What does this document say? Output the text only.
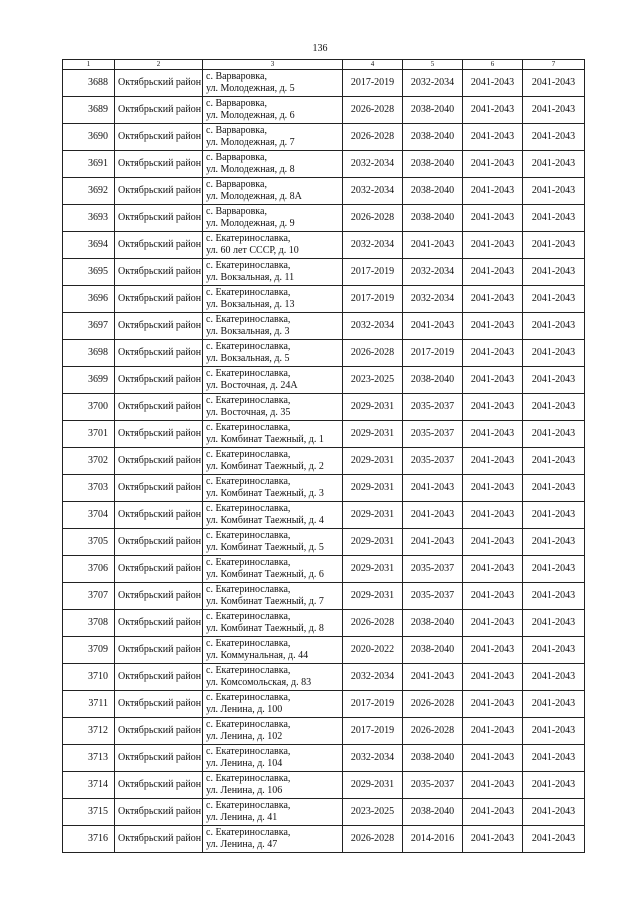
136
1	2	3	4	5	6	7
3688	Октябрьский район	с. Варваровка,
ул. Молодежная, д. 5	2017-2019	2032-2034	2041-2043	2041-2043
3689	Октябрьский район	с. Варваровка,
ул. Молодежная, д. 6	2026-2028	2038-2040	2041-2043	2041-2043
3690	Октябрьский район	с. Варваровка,
ул. Молодежная, д. 7	2026-2028	2038-2040	2041-2043	2041-2043
3691	Октябрьский район	с. Варваровка,
ул. Молодежная, д. 8	2032-2034	2038-2040	2041-2043	2041-2043
3692	Октябрьский район	с. Варваровка,
ул. Молодежная, д. 8А	2032-2034	2038-2040	2041-2043	2041-2043
3693	Октябрьский район	с. Варваровка,
ул. Молодежная, д. 9	2026-2028	2038-2040	2041-2043	2041-2043
3694	Октябрьский район	с. Екатеринославка,
ул. 60 лет СССР, д. 10	2032-2034	2041-2043	2041-2043	2041-2043
3695	Октябрьский район	с. Екатеринославка,
ул. Вокзальная, д. 11	2017-2019	2032-2034	2041-2043	2041-2043
3696	Октябрьский район	с. Екатеринославка,
ул. Вокзальная, д. 13	2017-2019	2032-2034	2041-2043	2041-2043
3697	Октябрьский район	с. Екатеринославка,
ул. Вокзальная, д. 3	2032-2034	2041-2043	2041-2043	2041-2043
3698	Октябрьский район	с. Екатеринославка,
ул. Вокзальная, д. 5	2026-2028	2017-2019	2041-2043	2041-2043
3699	Октябрьский район	с. Екатеринославка,
ул. Восточная, д. 24А	2023-2025	2038-2040	2041-2043	2041-2043
3700	Октябрьский район	с. Екатеринославка,
ул. Восточная, д. 35	2029-2031	2035-2037	2041-2043	2041-2043
3701	Октябрьский район	с. Екатеринославка,
ул. Комбинат Таежный, д. 1	2029-2031	2035-2037	2041-2043	2041-2043
3702	Октябрьский район	с. Екатеринославка,
ул. Комбинат Таежный, д. 2	2029-2031	2035-2037	2041-2043	2041-2043
3703	Октябрьский район	с. Екатеринославка,
ул. Комбинат Таежный, д. 3	2029-2031	2041-2043	2041-2043	2041-2043
3704	Октябрьский район	с. Екатеринославка,
ул. Комбинат Таежный, д. 4	2029-2031	2041-2043	2041-2043	2041-2043
3705	Октябрьский район	с. Екатеринославка,
ул. Комбинат Таежный, д. 5	2029-2031	2041-2043	2041-2043	2041-2043
3706	Октябрьский район	с. Екатеринославка,
ул. Комбинат Таежный, д. 6	2029-2031	2035-2037	2041-2043	2041-2043
3707	Октябрьский район	с. Екатеринославка,
ул. Комбинат Таежный, д. 7	2029-2031	2035-2037	2041-2043	2041-2043
3708	Октябрьский район	с. Екатеринославка,
ул. Комбинат Таежный, д. 8	2026-2028	2038-2040	2041-2043	2041-2043
3709	Октябрьский район	с. Екатеринославка,
ул. Коммунальная, д. 44	2020-2022	2038-2040	2041-2043	2041-2043
3710	Октябрьский район	с. Екатеринославка,
ул. Комсомольская, д. 83	2032-2034	2041-2043	2041-2043	2041-2043
3711	Октябрьский район	с. Екатеринославка,
ул. Ленина, д. 100	2017-2019	2026-2028	2041-2043	2041-2043
3712	Октябрьский район	с. Екатеринославка,
ул. Ленина, д. 102	2017-2019	2026-2028	2041-2043	2041-2043
3713	Октябрьский район	с. Екатеринославка,
ул. Ленина, д. 104	2032-2034	2038-2040	2041-2043	2041-2043
3714	Октябрьский район	с. Екатеринославка,
ул. Ленина, д. 106	2029-2031	2035-2037	2041-2043	2041-2043
3715	Октябрьский район	с. Екатеринославка,
ул. Ленина, д. 41	2023-2025	2038-2040	2041-2043	2041-2043
3716	Октябрьский район	с. Екатеринославка,
ул. Ленина, д. 47	2026-2028	2014-2016	2041-2043	2041-2043
